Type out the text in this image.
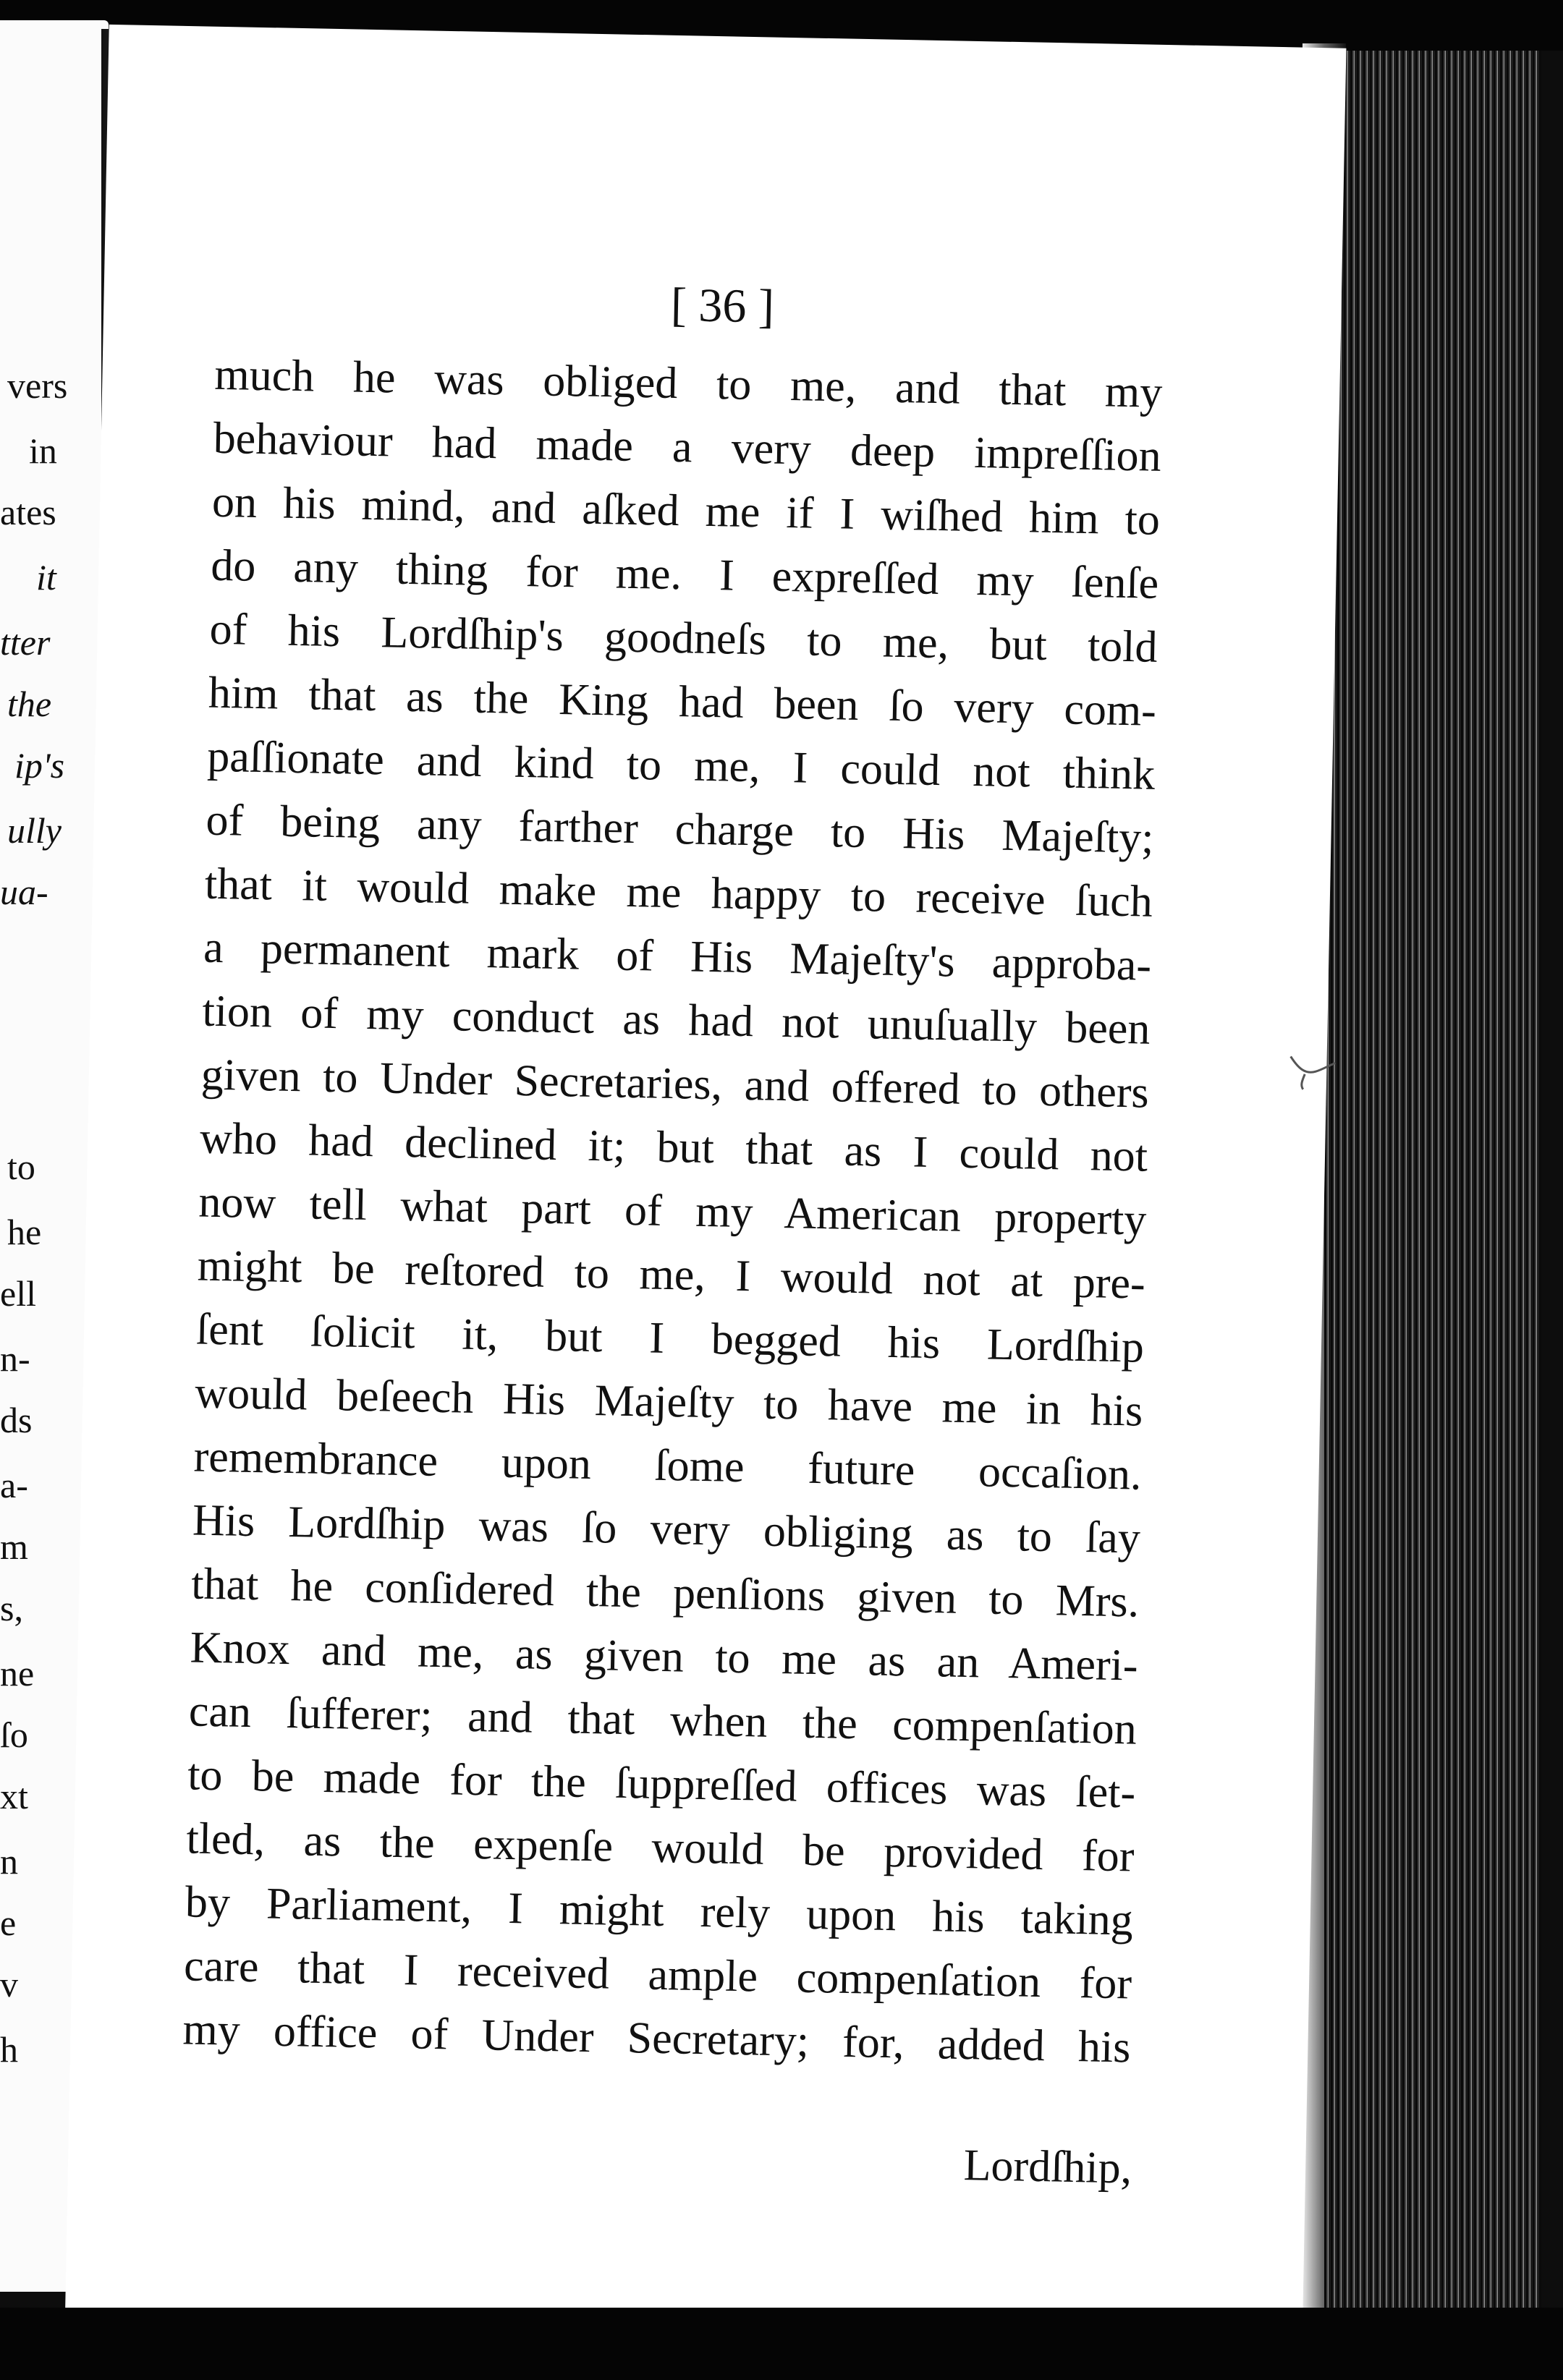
vers
in
ates
it
tter
the
ip's
ully
ua-
to
he
ell
n-
ds
a-
m
s,
ne
ſo
xt
n
e
v
h
[ 36 ]
much he was obliged to me, and that my
behaviour had made a very deep impreſſion
on his mind, and aſked me if I wiſhed him to
do any thing for me. I expreſſed my ſenſe
of his Lordſhip's goodneſs to me, but told
him that as the King had been ſo very com-
paſſionate and kind to me, I could not think
of being any farther charge to His Majeſty;
that it would make me happy to receive ſuch
a permanent mark of His Majeſty's approba-
tion of my conduct as had not unuſually been
given to Under Secretaries, and offered to others
who had declined it; but that as I could not
now tell what part of my American property
might be reſtored to me, I would not at pre-
ſent ſolicit it, but I begged his Lordſhip
would beſeech His Majeſty to have me in his
remembrance upon ſome future occaſion.
His Lordſhip was ſo very obliging as to ſay
that he conſidered the penſions given to Mrs.
Knox and me, as given to me as an Ameri-
can ſufferer; and that when the compenſation
to be made for the ſuppreſſed offices was ſet-
tled, as the expenſe would be provided for
by Parliament, I might rely upon his taking
care that I received ample compenſation for
my office of Under Secretary; for, added his
Lordſhip,
